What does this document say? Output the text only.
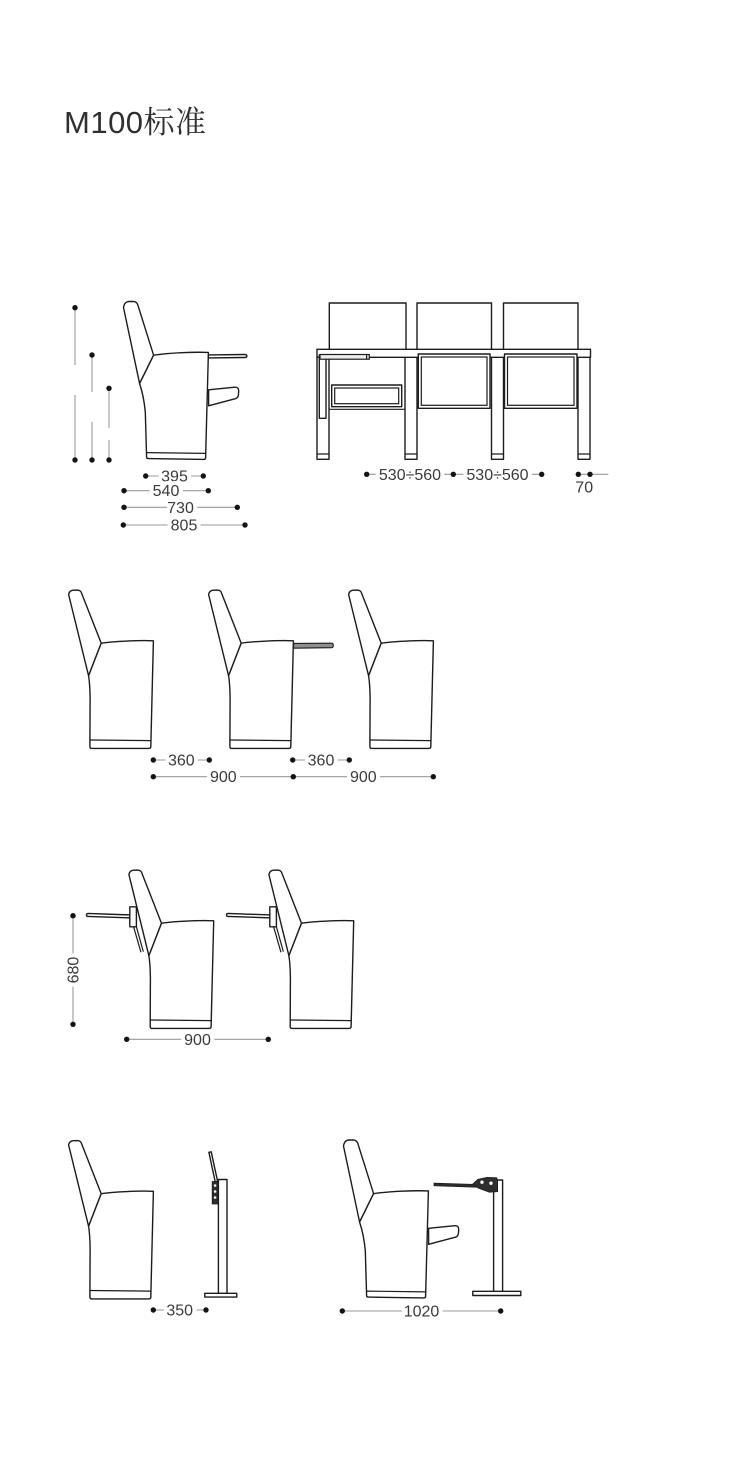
M100标准
395
540
730
805
530÷560 530÷560
70
360	360
900	900
680
900
350	1020
